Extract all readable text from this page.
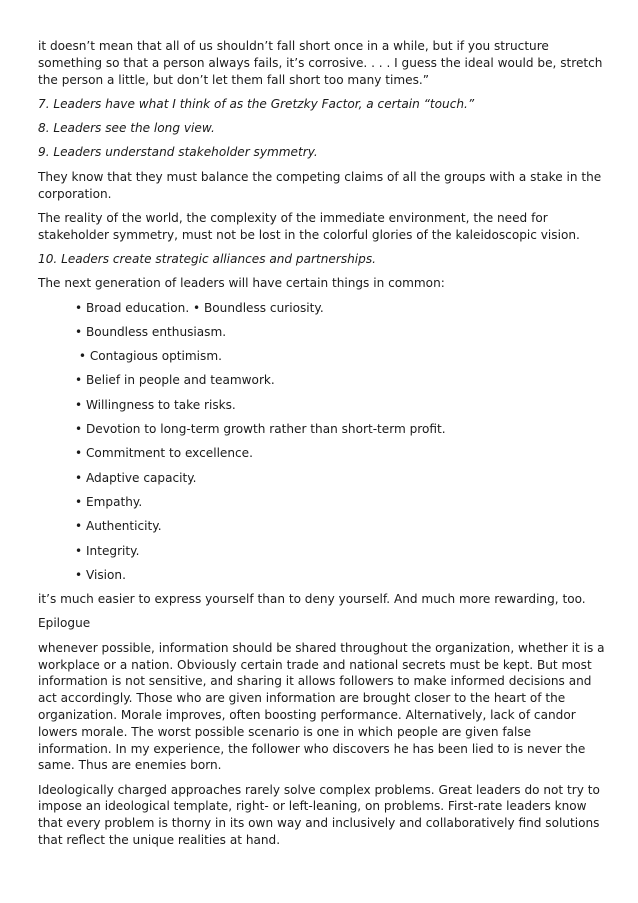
it doesn’t mean that all of us shouldn’t fall short once in a while, but if you structure something so that a person always fails, it’s corrosive. . . . I guess the ideal would be, stretch the person a little, but don’t let them fall short too many times.”

7. Leaders have what I think of as the Gretzky Factor, a certain “touch.”

8. Leaders see the long view.

9. Leaders understand stakeholder symmetry.

They know that they must balance the competing claims of all the groups with a stake in the corporation.

The reality of the world, the complexity of the immediate environment, the need for stakeholder symmetry, must not be lost in the colorful glories of the kaleidoscopic vision.

10. Leaders create strategic alliances and partnerships.

The next generation of leaders will have certain things in common:

• Broad education. • Boundless curiosity.
• Boundless enthusiasm.
• Contagious optimism.
• Belief in people and teamwork.
• Willingness to take risks.
• Devotion to long-term growth rather than short-term profit.
• Commitment to excellence.
• Adaptive capacity.
• Empathy.
• Authenticity.
• Integrity.
• Vision.

it’s much easier to express yourself than to deny yourself. And much more rewarding, too.

Epilogue

whenever possible, information should be shared throughout the organization, whether it is a workplace or a nation. Obviously certain trade and national secrets must be kept. But most information is not sensitive, and sharing it allows followers to make informed decisions and act accordingly. Those who are given information are brought closer to the heart of the organization. Morale improves, often boosting performance. Alternatively, lack of candor lowers morale. The worst possible scenario is one in which people are given false information. In my experience, the follower who discovers he has been lied to is never the same. Thus are enemies born.

Ideologically charged approaches rarely solve complex problems. Great leaders do not try to impose an ideological template, right- or left-leaning, on problems. First-rate leaders know that every problem is thorny in its own way and inclusively and collaboratively find solutions that reflect the unique realities at hand.
